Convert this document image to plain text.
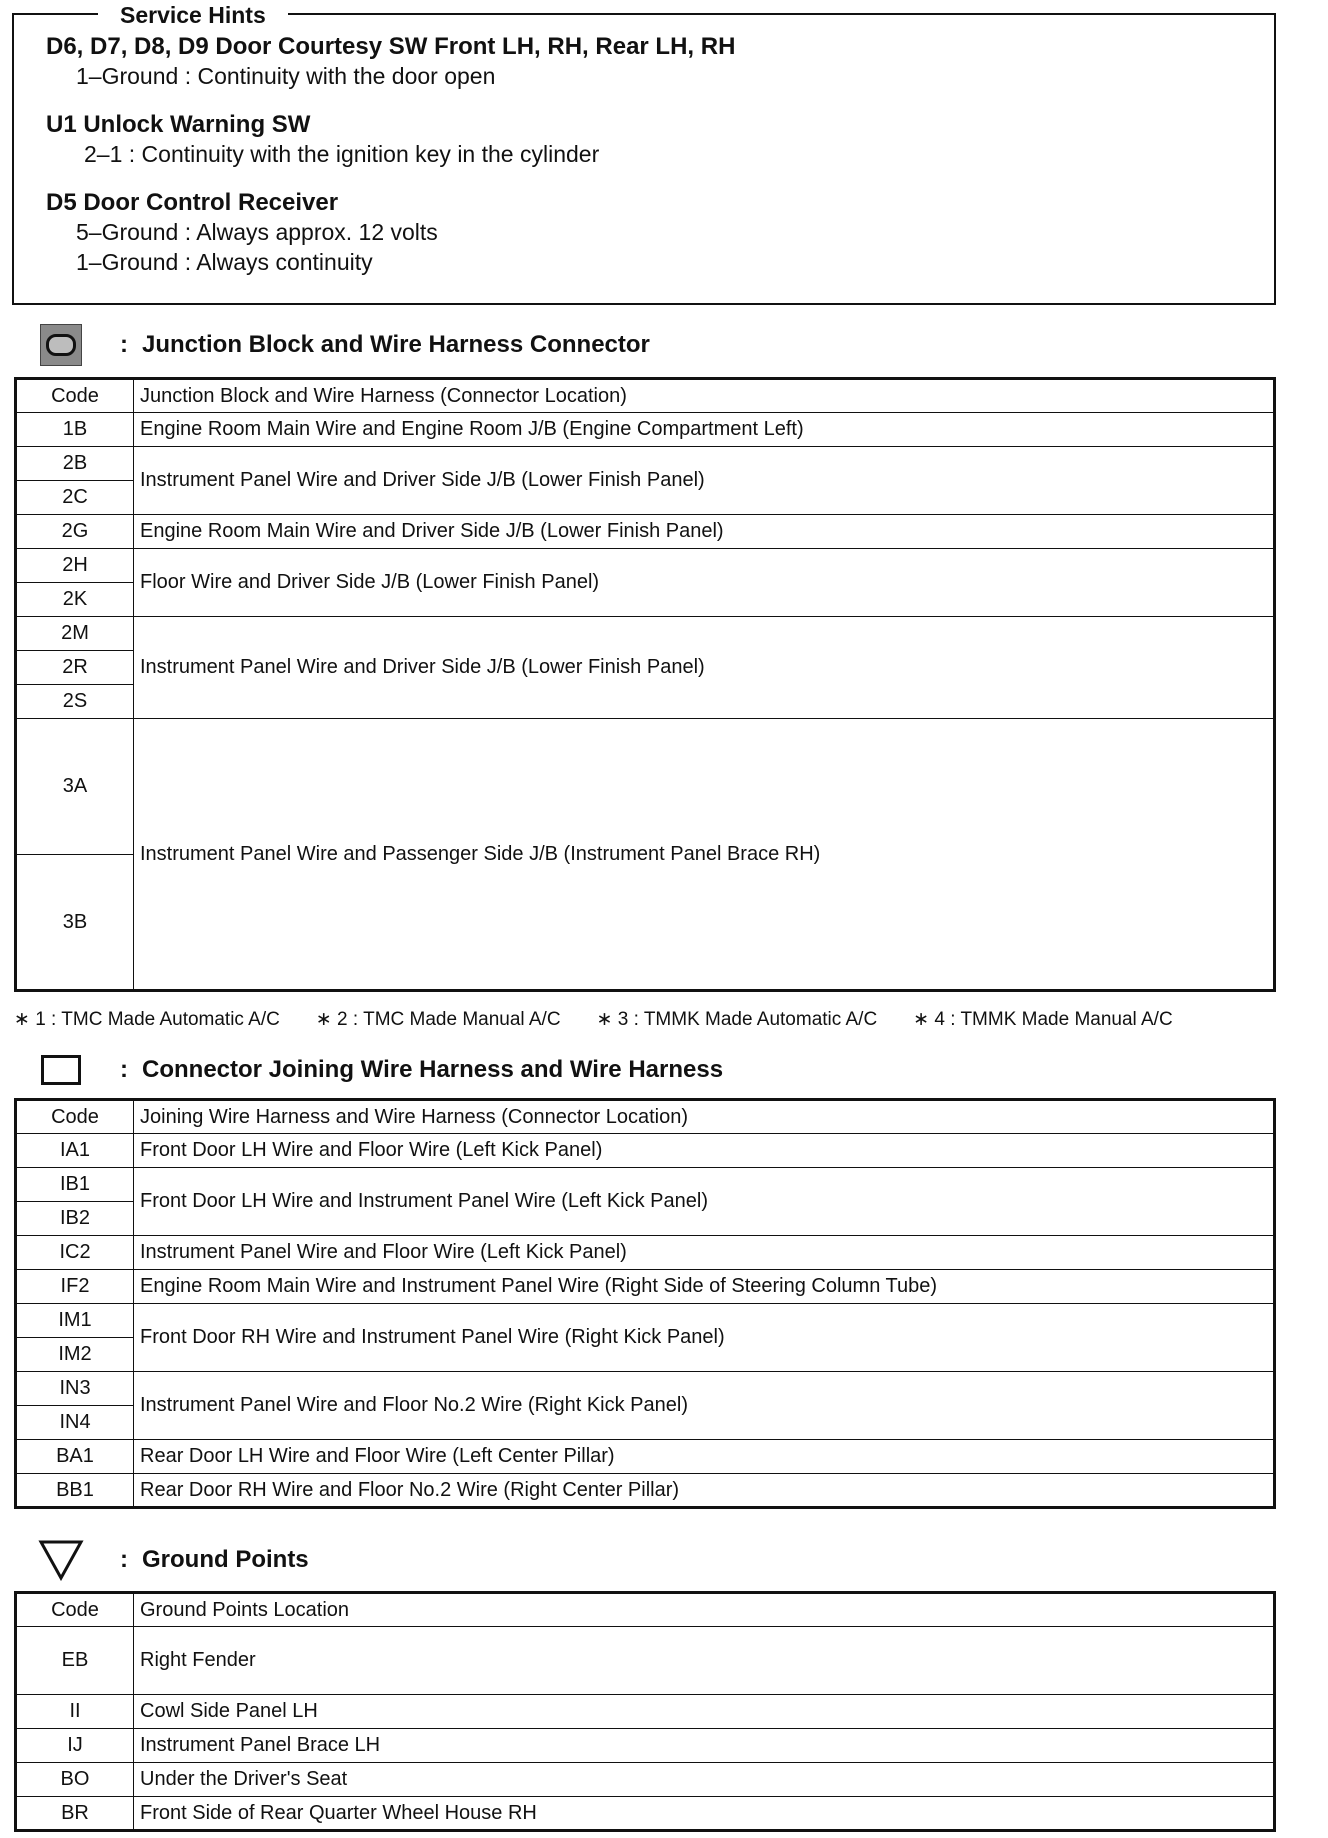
Service Hints
D6, D7, D8, D9 Door Courtesy SW Front LH, RH, Rear LH, RH
1–Ground : Continuity with the door open
U1 Unlock Warning SW
2–1 : Continuity with the ignition key in the cylinder
D5 Door Control Receiver
5–Ground : Always approx. 12 volts
1–Ground : Always continuity
: Junction Block and Wire Harness Connector
Code	Junction Block and Wire Harness (Connector Location)
1B	Engine Room Main Wire and Engine Room J/B (Engine Compartment Left)
2B	Instrument Panel Wire and Driver Side J/B (Lower Finish Panel)
2C	
2G	Engine Room Main Wire and Driver Side J/B (Lower Finish Panel)
2H	Floor Wire and Driver Side J/B (Lower Finish Panel)
2K	
2M	Instrument Panel Wire and Driver Side J/B (Lower Finish Panel)
2R	
2S	
3A	Instrument Panel Wire and Passenger Side J/B (Instrument Panel Brace RH)
3B	
∗ 1 : TMC Made Automatic A/C ∗ 2 : TMC Made Manual A/C ∗ 3 : TMMK Made Automatic A/C ∗ 4 : TMMK Made Manual A/C
: Connector Joining Wire Harness and Wire Harness
Code	Joining Wire Harness and Wire Harness (Connector Location)
IA1	Front Door LH Wire and Floor Wire (Left Kick Panel)
IB1	Front Door LH Wire and Instrument Panel Wire (Left Kick Panel)
IB2	
IC2	Instrument Panel Wire and Floor Wire (Left Kick Panel)
IF2	Engine Room Main Wire and Instrument Panel Wire (Right Side of Steering Column Tube)
IM1	Front Door RH Wire and Instrument Panel Wire (Right Kick Panel)
IM2	
IN3	Instrument Panel Wire and Floor No.2 Wire (Right Kick Panel)
IN4	
BA1	Rear Door LH Wire and Floor Wire (Left Center Pillar)
BB1	Rear Door RH Wire and Floor No.2 Wire (Right Center Pillar)
: Ground Points
Code	Ground Points Location
EB	Right Fender
II	Cowl Side Panel LH
IJ	Instrument Panel Brace LH
BO	Under the Driver's Seat
BR	Front Side of Rear Quarter Wheel House RH
